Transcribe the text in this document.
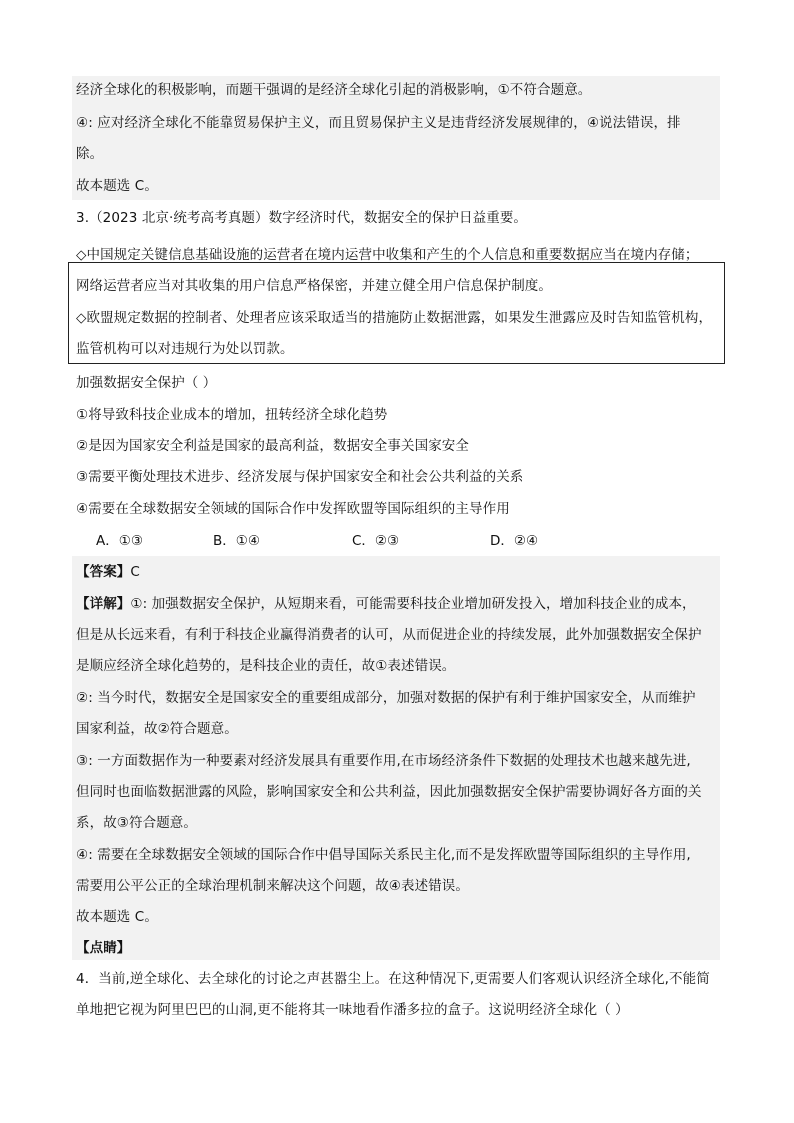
经济全球化的积极影响，而题干强调的是经济全球化引起的消极影响，①不符合题意。
④: 应对经济全球化不能靠贸易保护主义，而且贸易保护主义是违背经济发展规律的，④说法错误，排
除。
故本题选 C。
3.（2023 北京·统考高考真题）数字经济时代，数据安全的保护日益重要。
◇中国规定关键信息基础设施的运营者在境内运营中收集和产生的个人信息和重要数据应当在境内存储；
网络运营者应当对其收集的用户信息严格保密，并建立健全用户信息保护制度。
◇欧盟规定数据的控制者、处理者应该采取适当的措施防止数据泄露，如果发生泄露应及时告知监管机构，
监管机构可以对违规行为处以罚款。
加强数据安全保护（ ）
①将导致科技企业成本的增加，扭转经济全球化趋势
②是因为国家安全利益是国家的最高利益，数据安全事关国家安全
③需要平衡处理技术进步、经济发展与保护国家安全和社会公共利益的关系
④需要在全球数据安全领域的国际合作中发挥欧盟等国际组织的主导作用
A．①③	B．①④	C．②③	D．②④
【答案】C
【详解】①: 加强数据安全保护，从短期来看，可能需要科技企业增加研发投入，增加科技企业的成本，
但是从长远来看，有利于科技企业赢得消费者的认可，从而促进企业的持续发展，此外加强数据安全保护
是顺应经济全球化趋势的，是科技企业的责任，故①表述错误。
②: 当今时代，数据安全是国家安全的重要组成部分，加强对数据的保护有利于维护国家安全，从而维护
国家利益，故②符合题意。
③: 一方面数据作为一种要素对经济发展具有重要作用,在市场经济条件下数据的处理技术也越来越先进,
但同时也面临数据泄露的风险，影响国家安全和公共利益，因此加强数据安全保护需要协调好各方面的关
系，故③符合题意。
④: 需要在全球数据安全领域的国际合作中倡导国际关系民主化,而不是发挥欧盟等国际组织的主导作用,
需要用公平公正的全球治理机制来解决这个问题，故④表述错误。
故本题选 C。
【点睛】
4．当前,逆全球化、去全球化的讨论之声甚嚣尘上。在这种情况下,更需要人们客观认识经济全球化,不能简
单地把它视为阿里巴巴的山洞,更不能将其一味地看作潘多拉的盒子。这说明经济全球化（ ）
